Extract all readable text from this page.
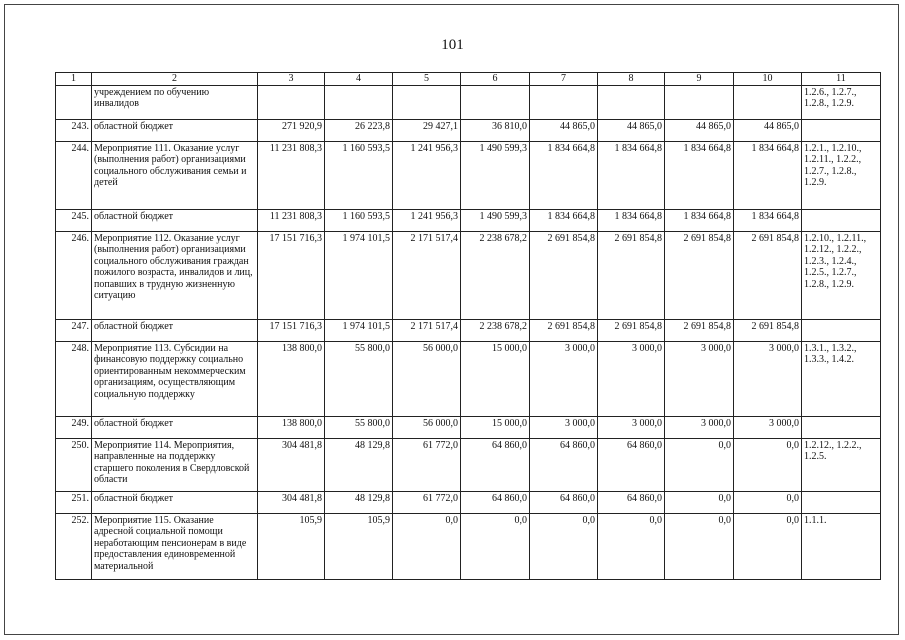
101
1	2	3	4	5	6	7	8	9	10	11
	учреждением по обучению инвалидов									1.2.6., 1.2.7., 1.2.8., 1.2.9.
243.	областной бюджет	271 920,9	26 223,8	29 427,1	36 810,0	44 865,0	44 865,0	44 865,0	44 865,0	
244.	Мероприятие 111. Оказание услуг (выполнения работ) организациями социального обслуживания семьи и детей	11 231 808,3	1 160 593,5	1 241 956,3	1 490 599,3	1 834 664,8	1 834 664,8	1 834 664,8	1 834 664,8	1.2.1., 1.2.10., 1.2.11., 1.2.2., 1.2.7., 1.2.8., 1.2.9.
245.	областной бюджет	11 231 808,3	1 160 593,5	1 241 956,3	1 490 599,3	1 834 664,8	1 834 664,8	1 834 664,8	1 834 664,8	
246.	Мероприятие 112. Оказание услуг (выполнения работ) организациями социального обслуживания граждан пожилого возраста, инвалидов и лиц, попавших в трудную жизненную ситуацию	17 151 716,3	1 974 101,5	2 171 517,4	2 238 678,2	2 691 854,8	2 691 854,8	2 691 854,8	2 691 854,8	1.2.10., 1.2.11., 1.2.12., 1.2.2., 1.2.3., 1.2.4., 1.2.5., 1.2.7., 1.2.8., 1.2.9.
247.	областной бюджет	17 151 716,3	1 974 101,5	2 171 517,4	2 238 678,2	2 691 854,8	2 691 854,8	2 691 854,8	2 691 854,8	
248.	Мероприятие 113. Субсидии на финансовую поддержку социально ориентированным некоммерческим организациям, осуществляющим социальную поддержку	138 800,0	55 800,0	56 000,0	15 000,0	3 000,0	3 000,0	3 000,0	3 000,0	1.3.1., 1.3.2., 1.3.3., 1.4.2.
249.	областной бюджет	138 800,0	55 800,0	56 000,0	15 000,0	3 000,0	3 000,0	3 000,0	3 000,0	
250.	Мероприятие 114. Мероприятия, направленные на поддержку старшего поколения в Свердловской области	304 481,8	48 129,8	61 772,0	64 860,0	64 860,0	64 860,0	0,0	0,0	1.2.12., 1.2.2., 1.2.5.
251.	областной бюджет	304 481,8	48 129,8	61 772,0	64 860,0	64 860,0	64 860,0	0,0	0,0	
252.	Мероприятие 115. Оказание адресной социальной помощи неработающим пенсионерам в виде предоставления единовременной материальной	105,9	105,9	0,0	0,0	0,0	0,0	0,0	0,0	1.1.1.
